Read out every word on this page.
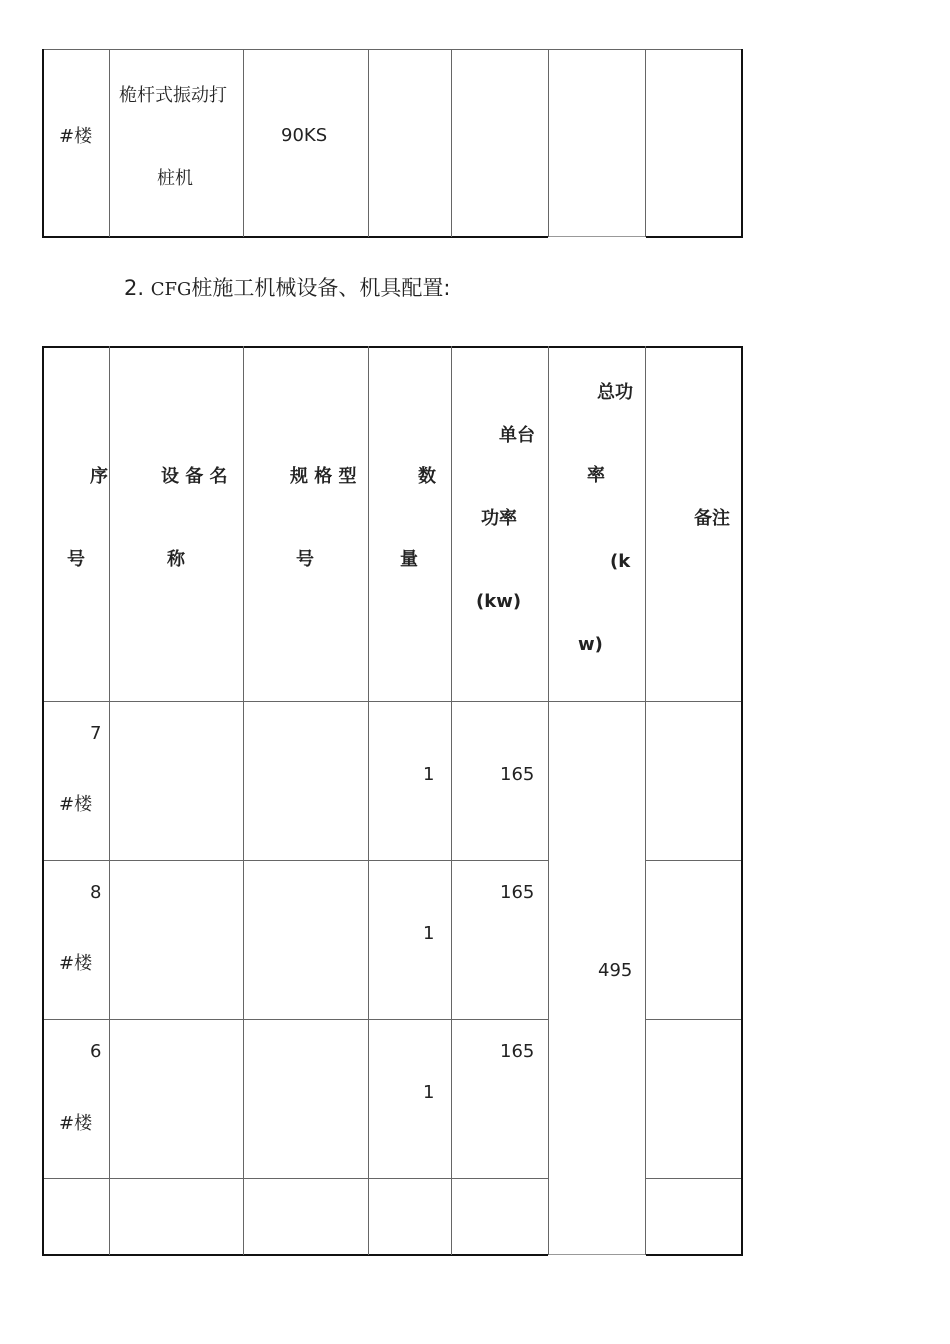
#楼
桅杆式振动打
桩机
90KS
2. CFG桩施工机械设备、机具配置:
序
号
设 备 名
称
规 格 型
号
数
量
单台
功率
(kw)
总功
率
(k
w)
备注
7
#楼
1	165
8
#楼
1
165
6
#楼
1
165
495
